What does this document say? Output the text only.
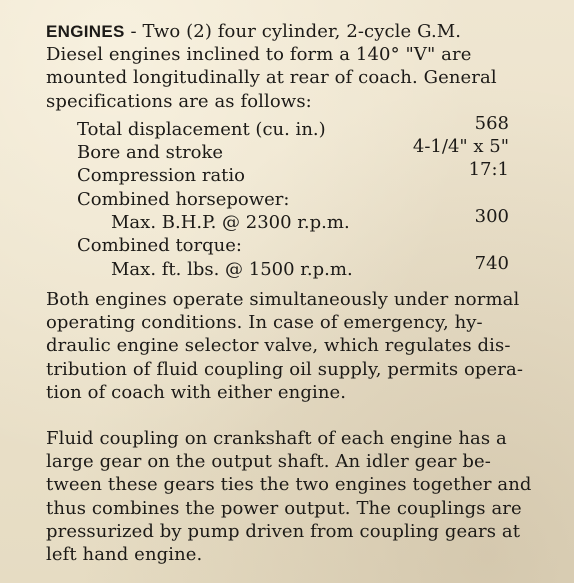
ENGINES - Two (2) four cylinder, 2-cycle G.M.
Diesel engines inclined to form a 140° "V" are
mounted longitudinally at rear of coach. General
specifications are as follows:

Total displacement (cu. in.)	568
Bore and stroke	4-1/4" x 5"
Compression ratio	17:1
Combined horsepower:
Max. B.H.P. @ 2300 r.p.m.	300
Combined torque:
Max. ft. lbs. @ 1500 r.p.m.	740

Both engines operate simultaneously under normal
operating conditions. In case of emergency, hy-
draulic engine selector valve, which regulates dis-
tribution of fluid coupling oil supply, permits opera-
tion of coach with either engine.

Fluid coupling on crankshaft of each engine has a
large gear on the output shaft. An idler gear be-
tween these gears ties the two engines together and
thus combines the power output. The couplings are
pressurized by pump driven from coupling gears at
left hand engine.
